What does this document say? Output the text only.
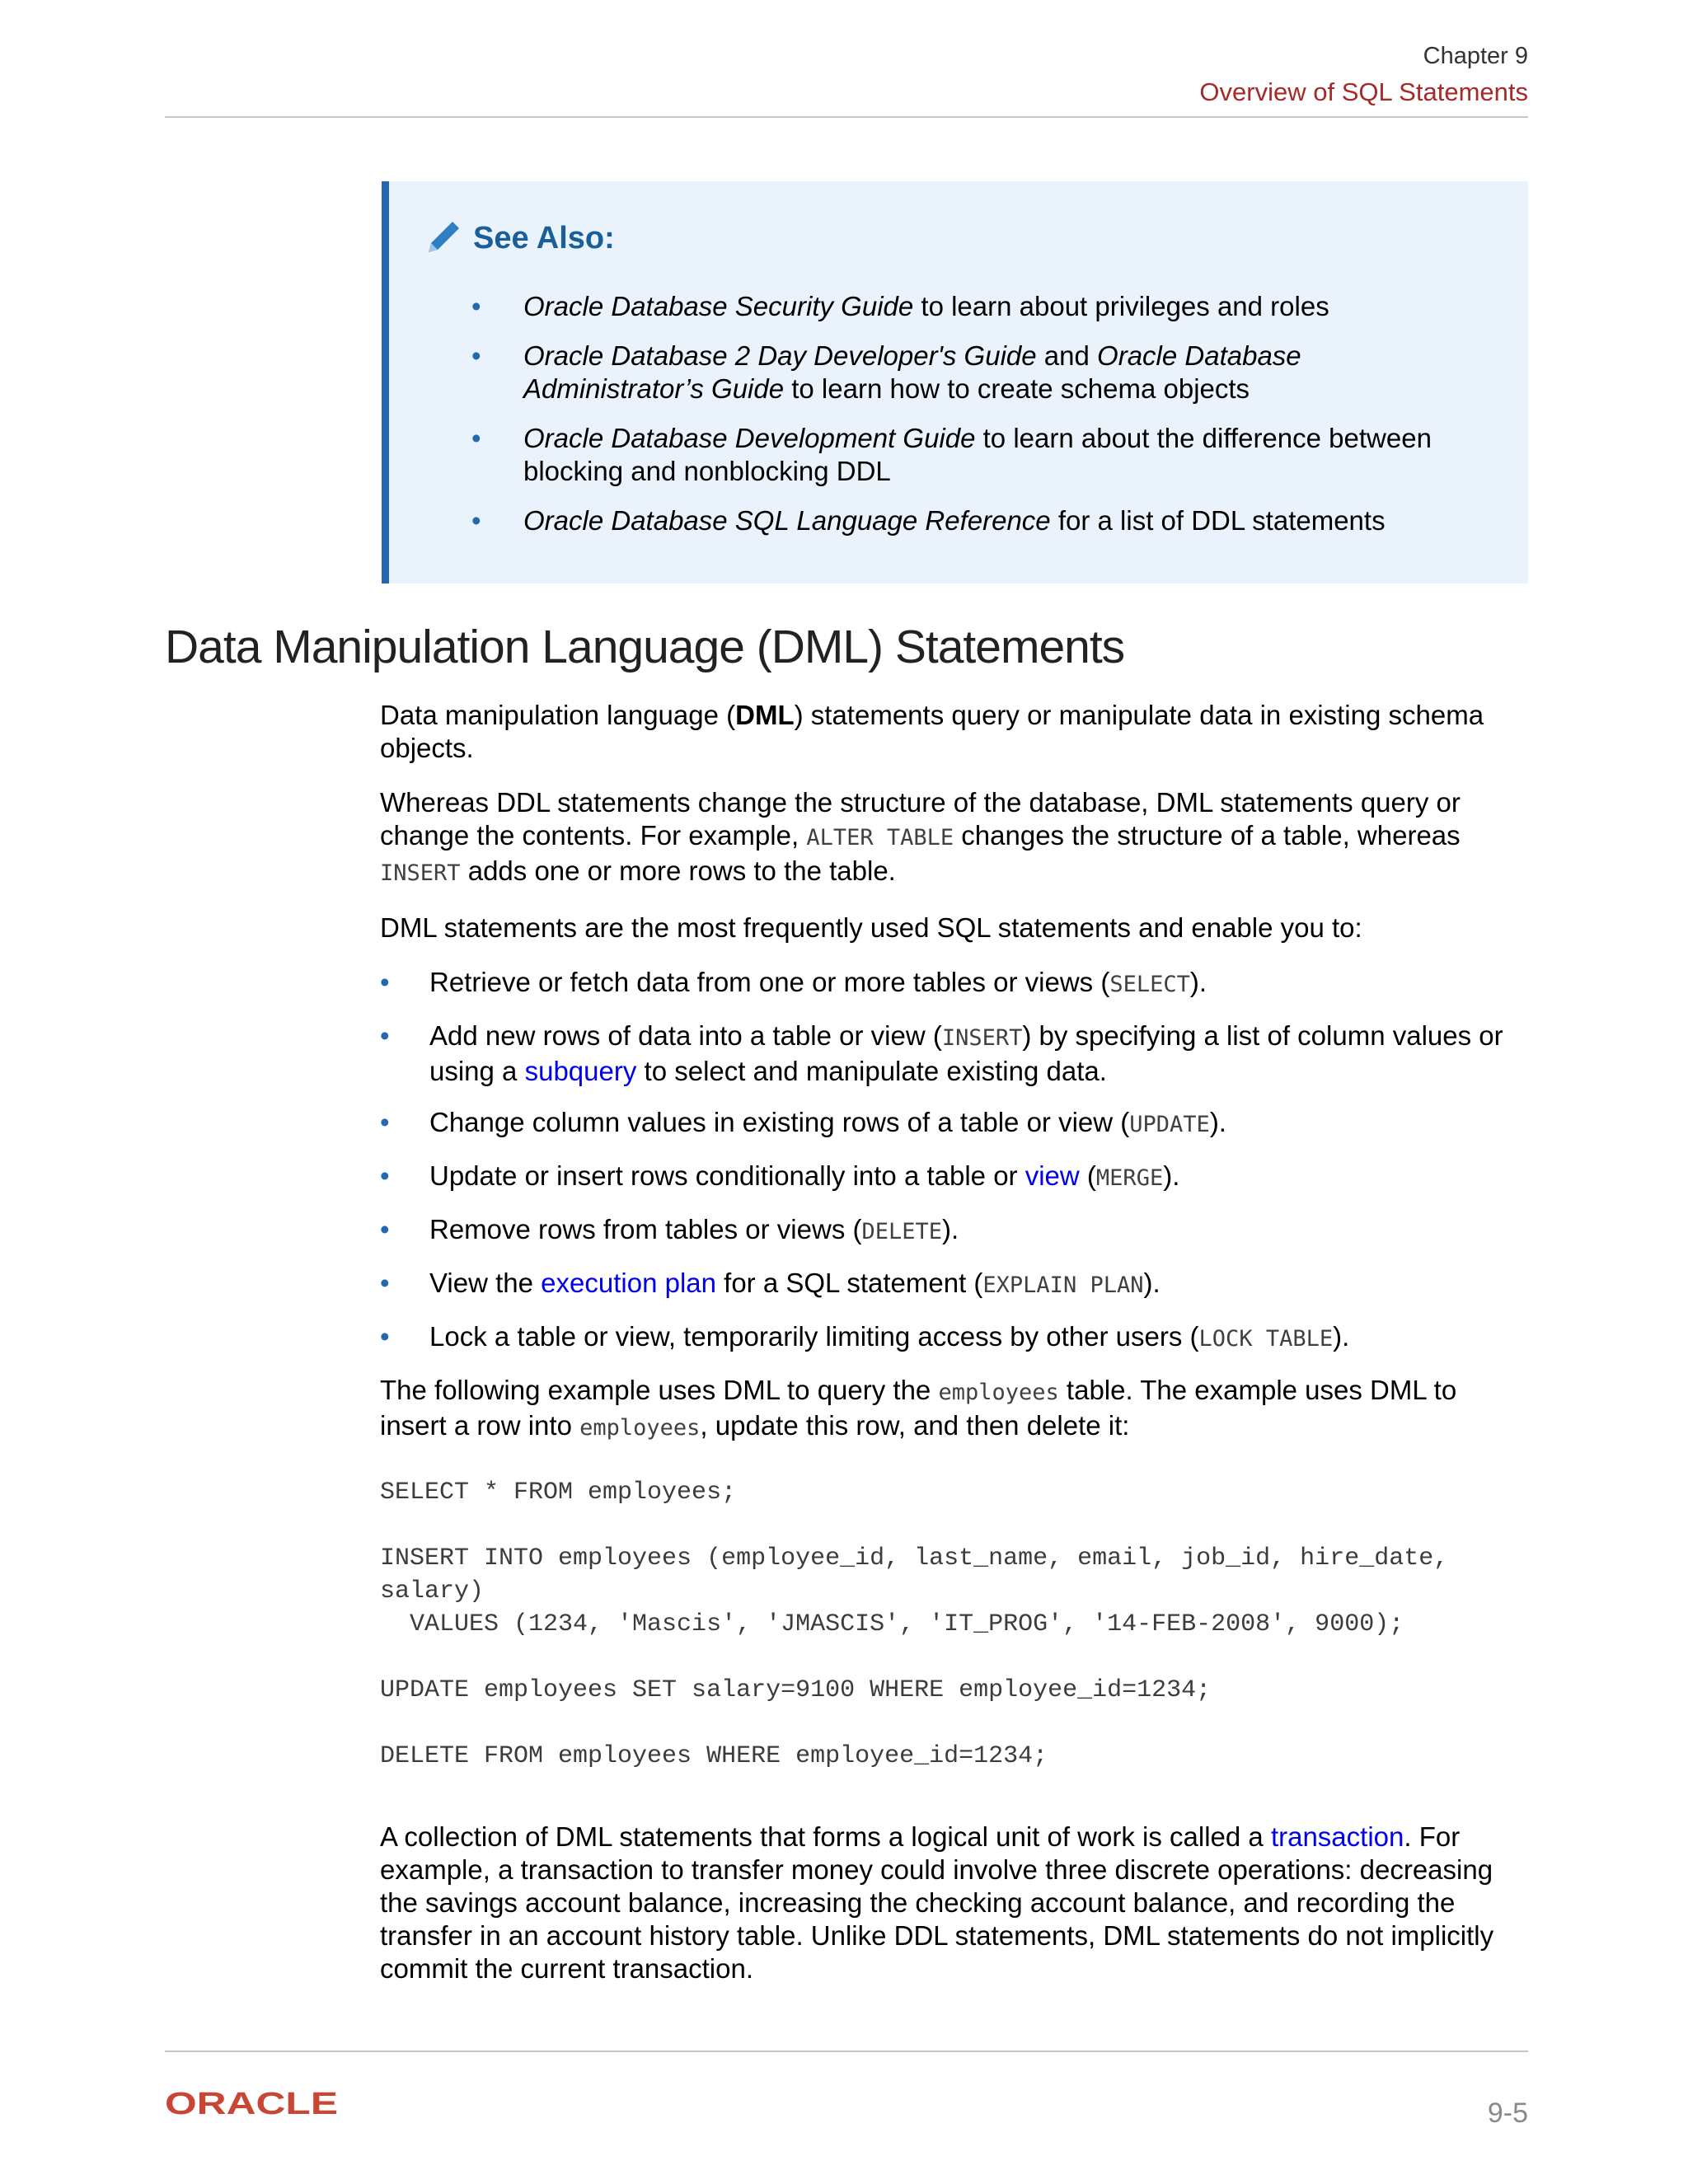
Chapter 9
Overview of SQL Statements
See Also:
• Oracle Database Security Guide to learn about privileges and roles
• Oracle Database 2 Day Developer's Guide and Oracle Database Administrator’s Guide to learn how to create schema objects
• Oracle Database Development Guide to learn about the difference between blocking and nonblocking DDL
• Oracle Database SQL Language Reference for a list of DDL statements
Data Manipulation Language (DML) Statements

Data manipulation language (DML) statements query or manipulate data in existing schema objects.

Whereas DDL statements change the structure of the database, DML statements query or change the contents. For example, ALTER TABLE changes the structure of a table, whereas INSERT adds one or more rows to the table.

DML statements are the most frequently used SQL statements and enable you to:

• Retrieve or fetch data from one or more tables or views (SELECT).
• Add new rows of data into a table or view (INSERT) by specifying a list of column values or using a subquery to select and manipulate existing data.
• Change column values in existing rows of a table or view (UPDATE).
• Update or insert rows conditionally into a table or view (MERGE).
• Remove rows from tables or views (DELETE).
• View the execution plan for a SQL statement (EXPLAIN PLAN).
• Lock a table or view, temporarily limiting access by other users (LOCK TABLE).

The following example uses DML to query the employees table. The example uses DML to insert a row into employees, update this row, and then delete it:

SELECT * FROM employees;
INSERT INTO employees (employee_id, last_name, email, job_id, hire_date,
salary)
VALUES (1234, 'Mascis', 'JMASCIS', 'IT_PROG', '14-FEB-2008', 9000);
UPDATE employees SET salary=9100 WHERE employee_id=1234;
DELETE FROM employees WHERE employee_id=1234;

A collection of DML statements that forms a logical unit of work is called a transaction. For example, a transaction to transfer money could involve three discrete operations: decreasing the savings account balance, increasing the checking account balance, and recording the transfer in an account history table. Unlike DDL statements, DML statements do not implicitly commit the current transaction.

ORACLE	9-5
